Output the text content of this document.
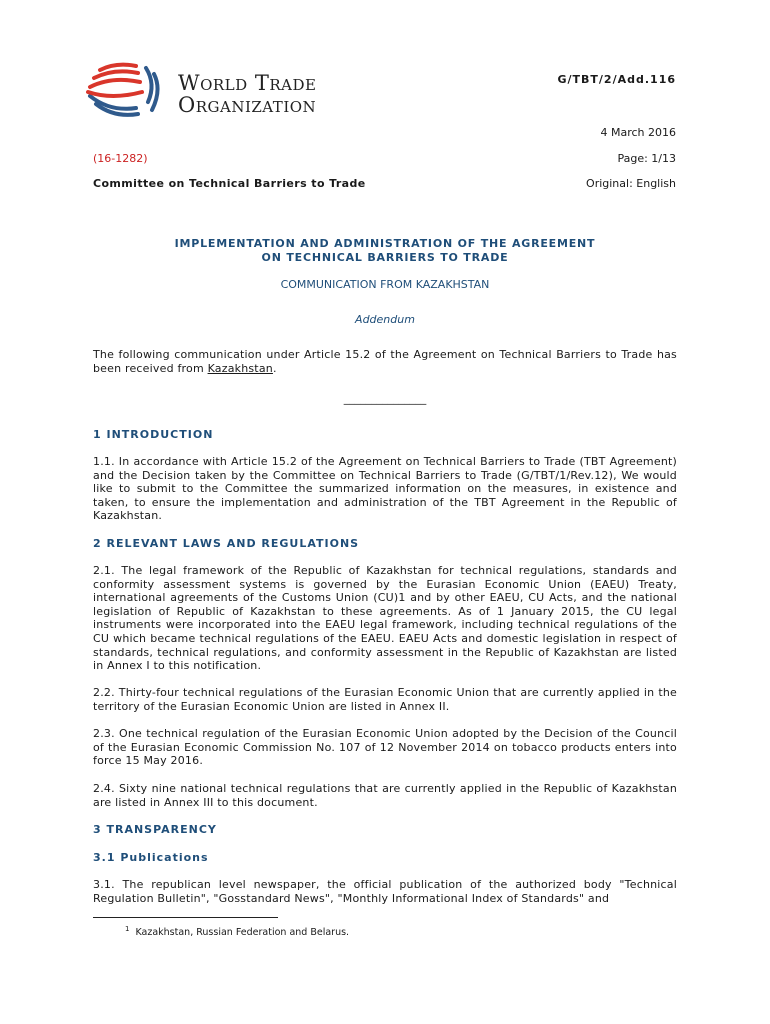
World Trade
Organization
G/TBT/2/Add.116
4 March 2016
(16-1282)	Page: 1/13
Committee on Technical Barriers to Trade	Original: English
IMPLEMENTATION AND ADMINISTRATION OF THE AGREEMENT
ON TECHNICAL BARRIERS TO TRADE
COMMUNICATION FROM KAZAKHSTAN
Addendum
The following communication under Article 15.2 of the Agreement on Technical Barriers to Trade has been received from Kazakhstan.
_______________
1 INTRODUCTION
1.1. In accordance with Article 15.2 of the Agreement on Technical Barriers to Trade (TBT Agreement) and the Decision taken by the Committee on Technical Barriers to Trade (G/TBT/1/Rev.12), We would like to submit to the Committee the summarized information on the measures, in existence and taken, to ensure the implementation and administration of the TBT Agreement in the Republic of Kazakhstan.
2 RELEVANT LAWS AND REGULATIONS
2.1. The legal framework of the Republic of Kazakhstan for technical regulations, standards and conformity assessment systems is governed by the Eurasian Economic Union (EAEU) Treaty, international agreements of the Customs Union (CU)1 and by other EAEU, CU Acts, and the national legislation of Republic of Kazakhstan to these agreements. As of 1 January 2015, the CU legal instruments were incorporated into the EAEU legal framework, including technical regulations of the CU which became technical regulations of the EAEU. EAEU Acts and domestic legislation in respect of standards, technical regulations, and conformity assessment in the Republic of Kazakhstan are listed in Annex I to this notification.
2.2. Thirty-four technical regulations of the Eurasian Economic Union that are currently applied in the territory of the Eurasian Economic Union are listed in Annex II.
2.3. One technical regulation of the Eurasian Economic Union adopted by the Decision of the Council of the Eurasian Economic Commission No. 107 of 12 November 2014 on tobacco products enters into force 15 May 2016.
2.4. Sixty nine national technical regulations that are currently applied in the Republic of Kazakhstan are listed in Annex III to this document.
3 TRANSPARENCY
3.1 Publications
3.1. The republican level newspaper, the official publication of the authorized body "Technical Regulation Bulletin", "Gosstandard News", "Monthly Informational Index of Standards" and
$^1$ Kazakhstan, Russian Federation and Belarus.
